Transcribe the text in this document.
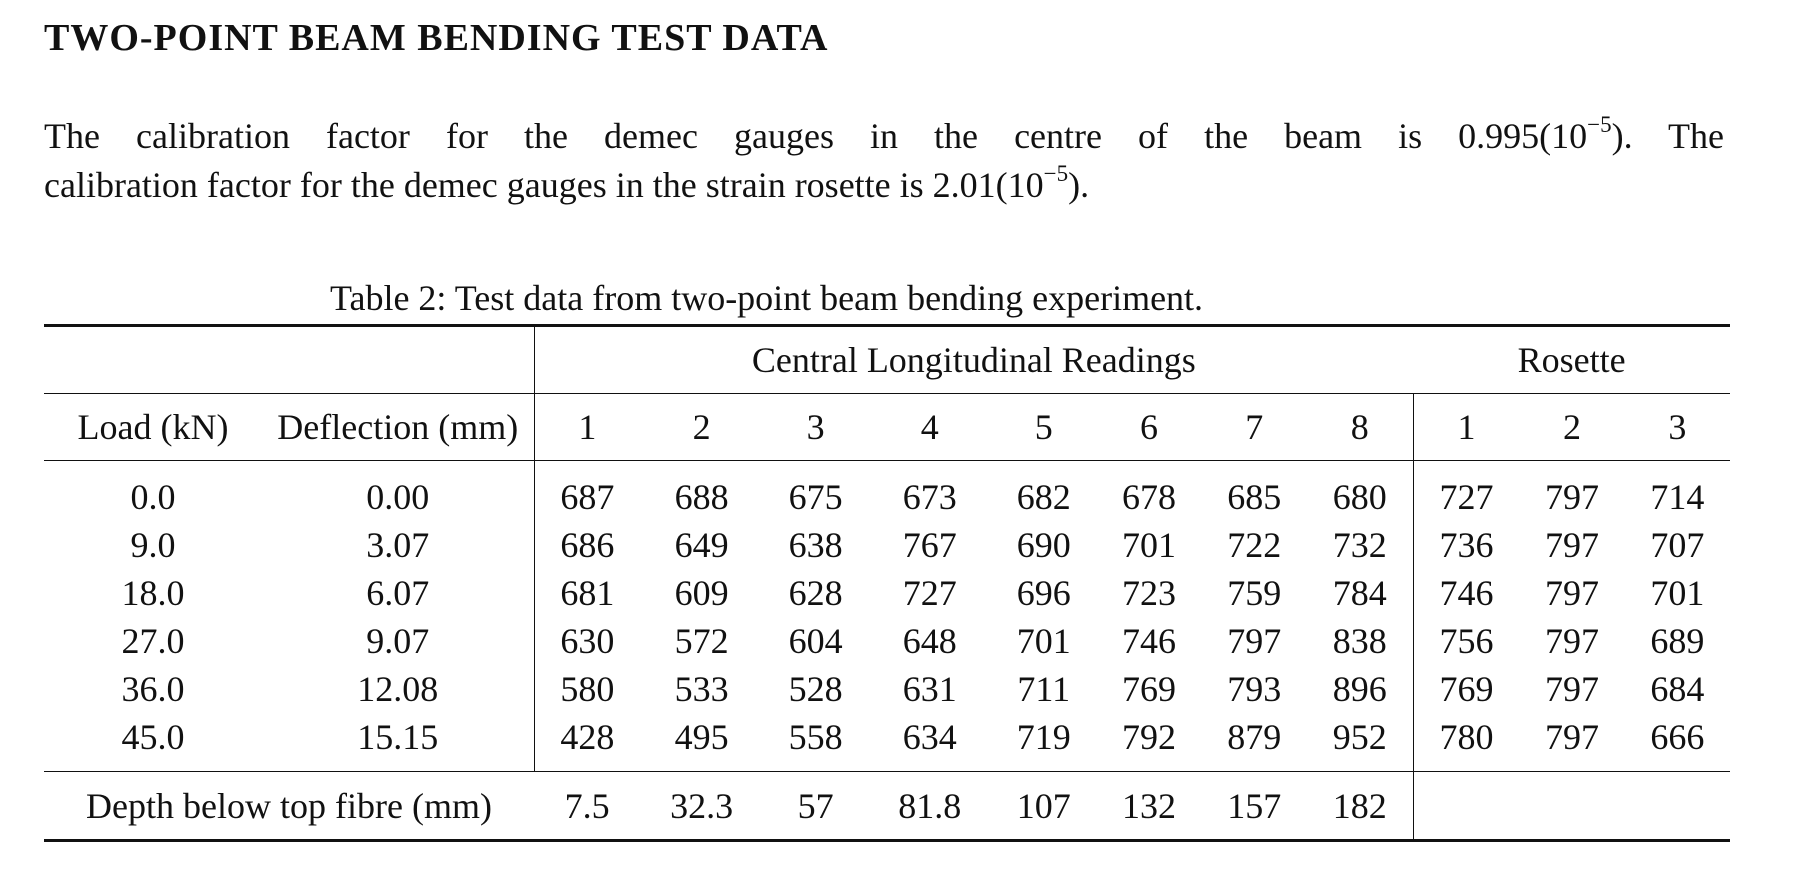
TWO-POINT BEAM BENDING TEST DATA
The calibration factor for the demec gauges in the centre of the beam is $0.995(10^{-5})$. The
calibration factor for the demec gauges in the strain rosette is $2.01(10^{-5})$.
Table 2: Test data from two-point beam bending experiment.

		Central Longitudinal Readings								Rosette		

Load (kN)	Deflection (mm)	1	2	3	4	5	6	7	8	1	2	3

0.0	0.00	687	688	675	673	682	678	685	680	727	797	714
9.0	3.07	686	649	638	767	690	701	722	732	736	797	707
18.0	6.07	681	609	628	727	696	723	759	784	746	797	701
27.0	9.07	630	572	604	648	701	746	797	838	756	797	689
36.0	12.08	580	533	528	631	711	769	793	896	769	797	684
45.0	15.15	428	495	558	634	719	792	879	952	780	797	666

Depth below top fibre (mm)		7.5	32.3	57	81.8	107	132	157	182			
